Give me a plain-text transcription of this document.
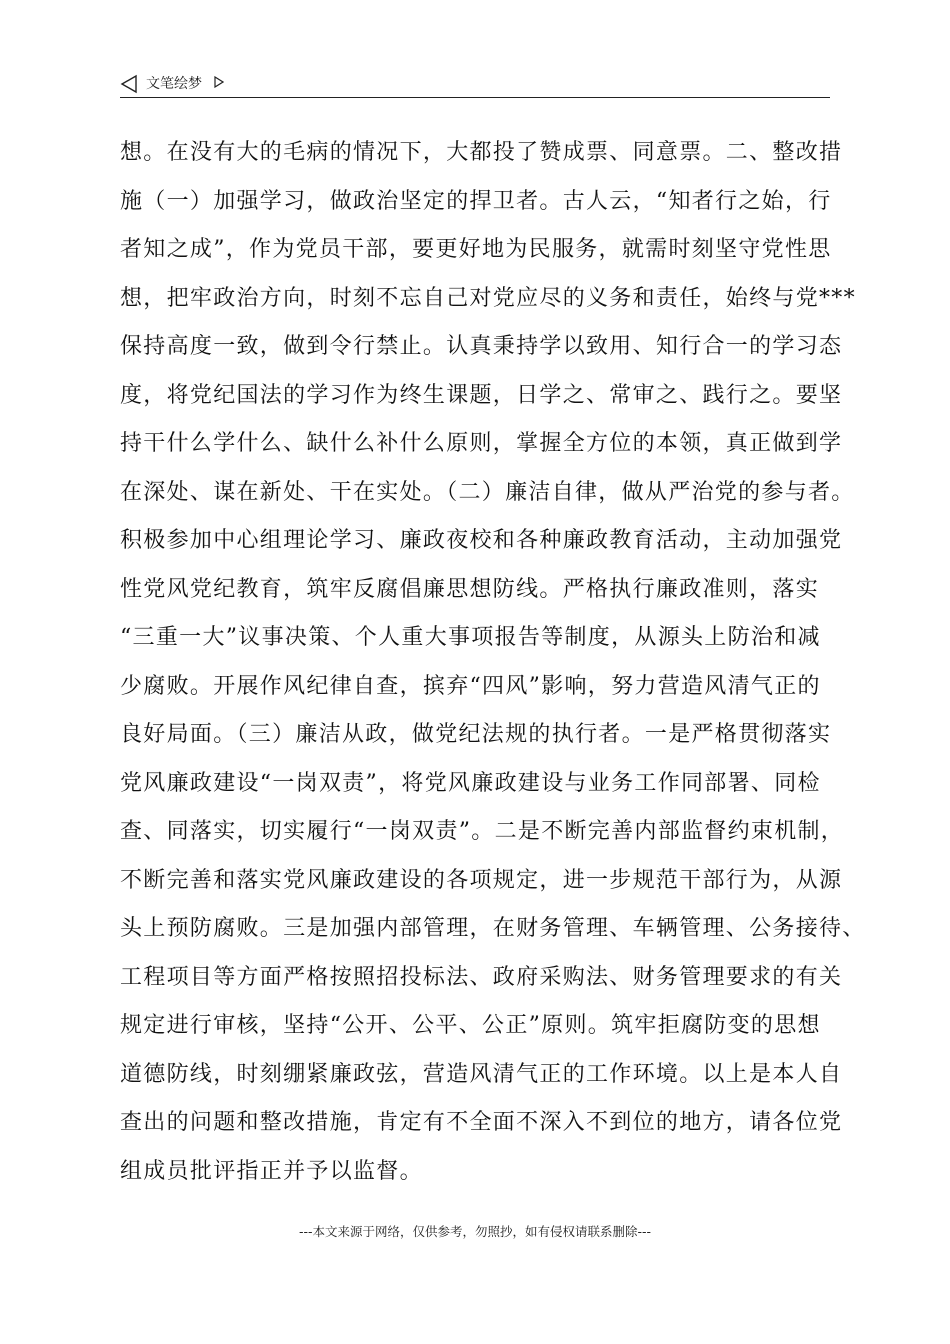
文笔绘梦
想。在没有大的毛病的情况下，大都投了赞成票、同意票。二、整改措
施（一）加强学习，做政治坚定的捍卫者。古人云，“知者行之始，行
者知之成”，作为党员干部，要更好地为民服务，就需时刻坚守党性思
想，把牢政治方向，时刻不忘自己对党应尽的义务和责任，始终与党***
保持高度一致，做到令行禁止。认真秉持学以致用、知行合一的学习态
度，将党纪国法的学习作为终生课题，日学之、常审之、践行之。要坚
持干什么学什么、缺什么补什么原则，掌握全方位的本领，真正做到学
在深处、谋在新处、干在实处。（二）廉洁自律，做从严治党的参与者。
积极参加中心组理论学习、廉政夜校和各种廉政教育活动，主动加强党
性党风党纪教育，筑牢反腐倡廉思想防线。严格执行廉政准则，落实
“三重一大”议事决策、个人重大事项报告等制度，从源头上防治和减
少腐败。开展作风纪律自查，摈弃“四风”影响，努力营造风清气正的
良好局面。（三）廉洁从政，做党纪法规的执行者。一是严格贯彻落实
党风廉政建设“一岗双责”，将党风廉政建设与业务工作同部署、同检
查、同落实，切实履行“一岗双责”。二是不断完善内部监督约束机制，
不断完善和落实党风廉政建设的各项规定，进一步规范干部行为，从源
头上预防腐败。三是加强内部管理，在财务管理、车辆管理、公务接待、
工程项目等方面严格按照招投标法、政府采购法、财务管理要求的有关
规定进行审核，坚持“公开、公平、公正”原则。筑牢拒腐防变的思想
道德防线，时刻绷紧廉政弦，营造风清气正的工作环境。以上是本人自
查出的问题和整改措施，肯定有不全面不深入不到位的地方，请各位党
组成员批评指正并予以监督。
---本文来源于网络，仅供参考，勿照抄，如有侵权请联系删除---
